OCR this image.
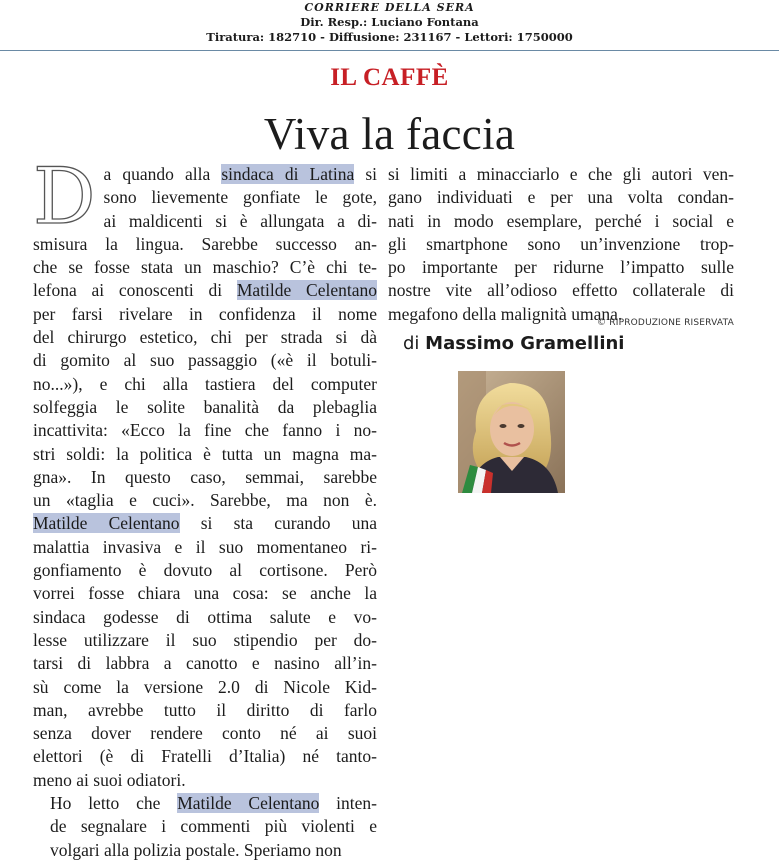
CORRIERE DELLA SERA
Dir. Resp.: Luciano Fontana
Tiratura: 182710 - Diffusione: 231167 - Lettori: 1750000
IL CAFFÈ
Viva la faccia

D a quando alla sindaca di Latina si
sono lievemente gonfiate le gote,
ai maldicenti si è allungata a di-
smisura la lingua. Sarebbe successo an-
che se fosse stata un maschio? C’è chi te-
lefona ai conoscenti di Matilde Celentano
per farsi rivelare in confidenza il nome
del chirurgo estetico, chi per strada si dà
di gomito al suo passaggio («è il botuli-
no...»), e chi alla tastiera del computer
solfeggia le solite banalità da plebaglia
incattivita: «Ecco la fine che fanno i no-
stri soldi: la politica è tutta un magna ma-
gna». In questo caso, semmai, sarebbe
un «taglia e cuci». Sarebbe, ma non è.
Matilde Celentano si sta curando una
malattia invasiva e il suo momentaneo ri-
gonfiamento è dovuto al cortisone. Però
vorrei fosse chiara una cosa: se anche la
sindaca godesse di ottima salute e vo-
lesse utilizzare il suo stipendio per do-
tarsi di labbra a canotto e nasino all’in-
sù come la versione 2.0 di Nicole Kid-
man, avrebbe tutto il diritto di farlo
senza dover rendere conto né ai suoi
elettori (è di Fratelli d’Italia) né tanto-
meno ai suoi odiatori.

Ho letto che Matilde Celentano inten-
de segnalare i commenti più violenti e
volgari alla polizia postale. Speriamo non

si limiti a minacciarlo e che gli autori ven-
gano individuati e per una volta condan-
nati in modo esemplare, perché i social e
gli smartphone sono un’invenzione trop-
po importante per ridurne l’impatto sulle
nostre vite all’odioso effetto collaterale di
megafono della malignità umana.

© RIPRODUZIONE RISERVATA
di Massimo Gramellini
